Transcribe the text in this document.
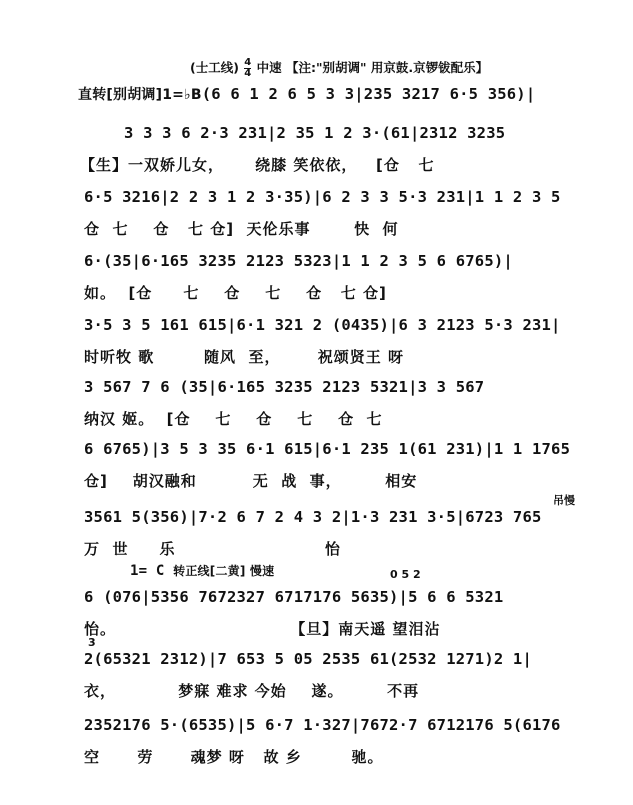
(士工线) $\frac{4}{4}$ 中速 【注:"别胡调" 用京鼓.京锣钹配乐】
直转[别胡调]1=♭B(6 6 1 2 6 5 3 3|235 3217 6·5 356)|
3 3 3 6 2·3 231|2 35 1 2 3·(61|2312 3235
【生】一双娇儿女，     绕膝 笑依依，   [仓   七
6·5 3216|2 2 3 1 2 3·35)|6 2 3 3 5·3 231|1 1 2 3 5
仓  七    仓   七 仓]  天伦乐事       快  何
6·(35|6·165 3235 2123 5323|1 1 2 3 5 6 6765)|
如。  [仓     七    仓    七    仓   七 仓]
3·5 3 5 161 615|6·1 321 2 (0435)|6 3 2123 5·3 231|
时听牧 歌        随风  至，      祝颂贤王 呀
3 567 7 6 (35|6·165 3235 2123 5321|3 3 567
纳汉 姬。  [仓    七    仓    七    仓  七
6 6765)|3 5 3 35 6·1 615|6·1 235 1(61 231)|1 1 1765
仓]    胡汉融和         无  战  事，       相安
吊慢
3561 5(356)|7·2 6 7 2 4 3 2|1·3 231 3·5|6723 765
万  世     乐                        怡
1= C 转正线[二黄] 慢速	0 5 2
6 (076|5356 7672327 6717176 5635)|5 6 6 5321
怡。                            【旦】南天遥 望泪沾
3
2(65321 2312)|7 653 5 05 2535 61(2532 1271)2 1|
衣，          梦寐 难求 今始    遂。       不再
2352176 5·(6535)|5 6·7 1·327|7672·7 6712176 5(6176
空      劳      魂梦 呀   故 乡        驰。
